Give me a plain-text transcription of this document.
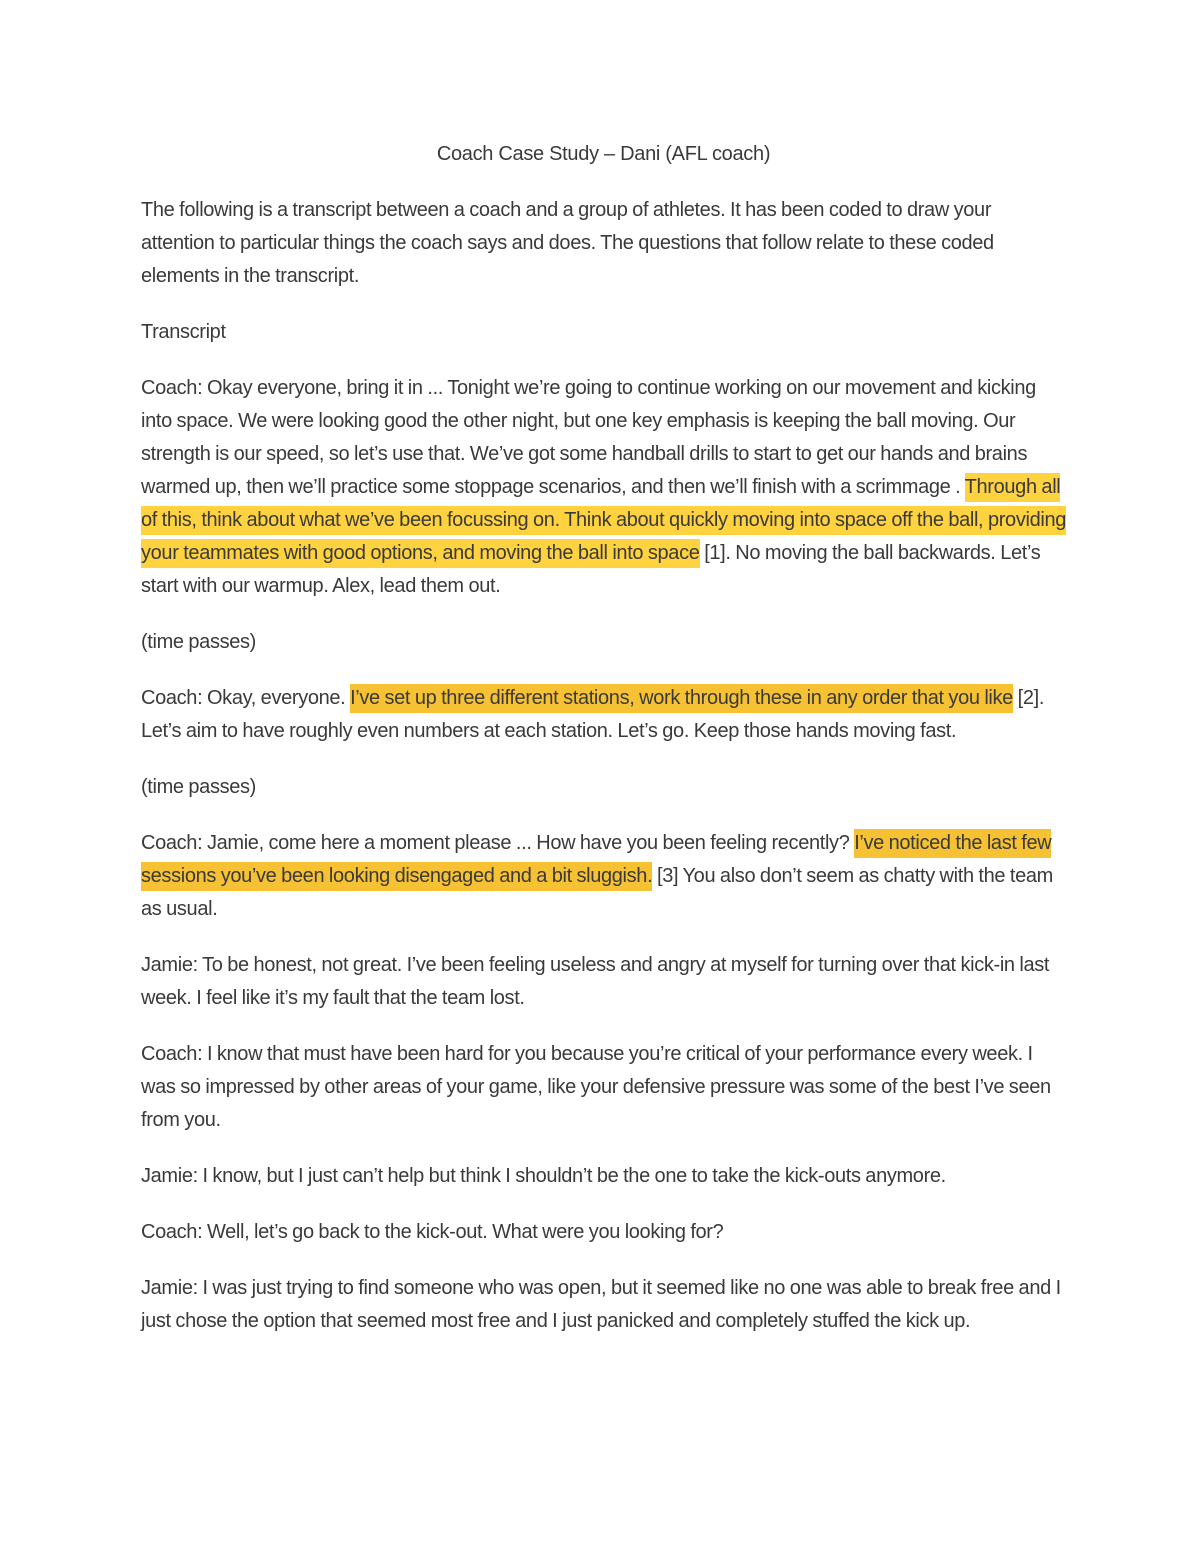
Coach Case Study – Dani (AFL coach)

The following is a transcript between a coach and a group of athletes. It has been coded to draw your attention to particular things the coach says and does. The questions that follow relate to these coded elements in the transcript.

Transcript

Coach: Okay everyone, bring it in ... Tonight we’re going to continue working on our movement and kicking into space. We were looking good the other night, but one key emphasis is keeping the ball moving. Our strength is our speed, so let’s use that. We’ve got some handball drills to start to get our hands and brains warmed up, then we’ll practice some stoppage scenarios, and then we’ll finish with a scrimmage . Through all of this, think about what we’ve been focussing on. Think about quickly moving into space off the ball, providing your teammates with good options, and moving the ball into space [1]. No moving the ball backwards. Let’s start with our warmup. Alex, lead them out.

(time passes)

Coach: Okay, everyone. I’ve set up three different stations, work through these in any order that you like [2]. Let’s aim to have roughly even numbers at each station. Let’s go. Keep those hands moving fast.

(time passes)

Coach: Jamie, come here a moment please ... How have you been feeling recently? I’ve noticed the last few sessions you’ve been looking disengaged and a bit sluggish. [3] You also don’t seem as chatty with the team as usual.

Jamie: To be honest, not great. I’ve been feeling useless and angry at myself for turning over that kick-in last week. I feel like it’s my fault that the team lost.

Coach: I know that must have been hard for you because you’re critical of your performance every week. I was so impressed by other areas of your game, like your defensive pressure was some of the best I’ve seen from you.

Jamie: I know, but I just can’t help but think I shouldn’t be the one to take the kick-outs anymore.

Coach: Well, let’s go back to the kick-out. What were you looking for?

Jamie: I was just trying to find someone who was open, but it seemed like no one was able to break free and I just chose the option that seemed most free and I just panicked and completely stuffed the kick up.
